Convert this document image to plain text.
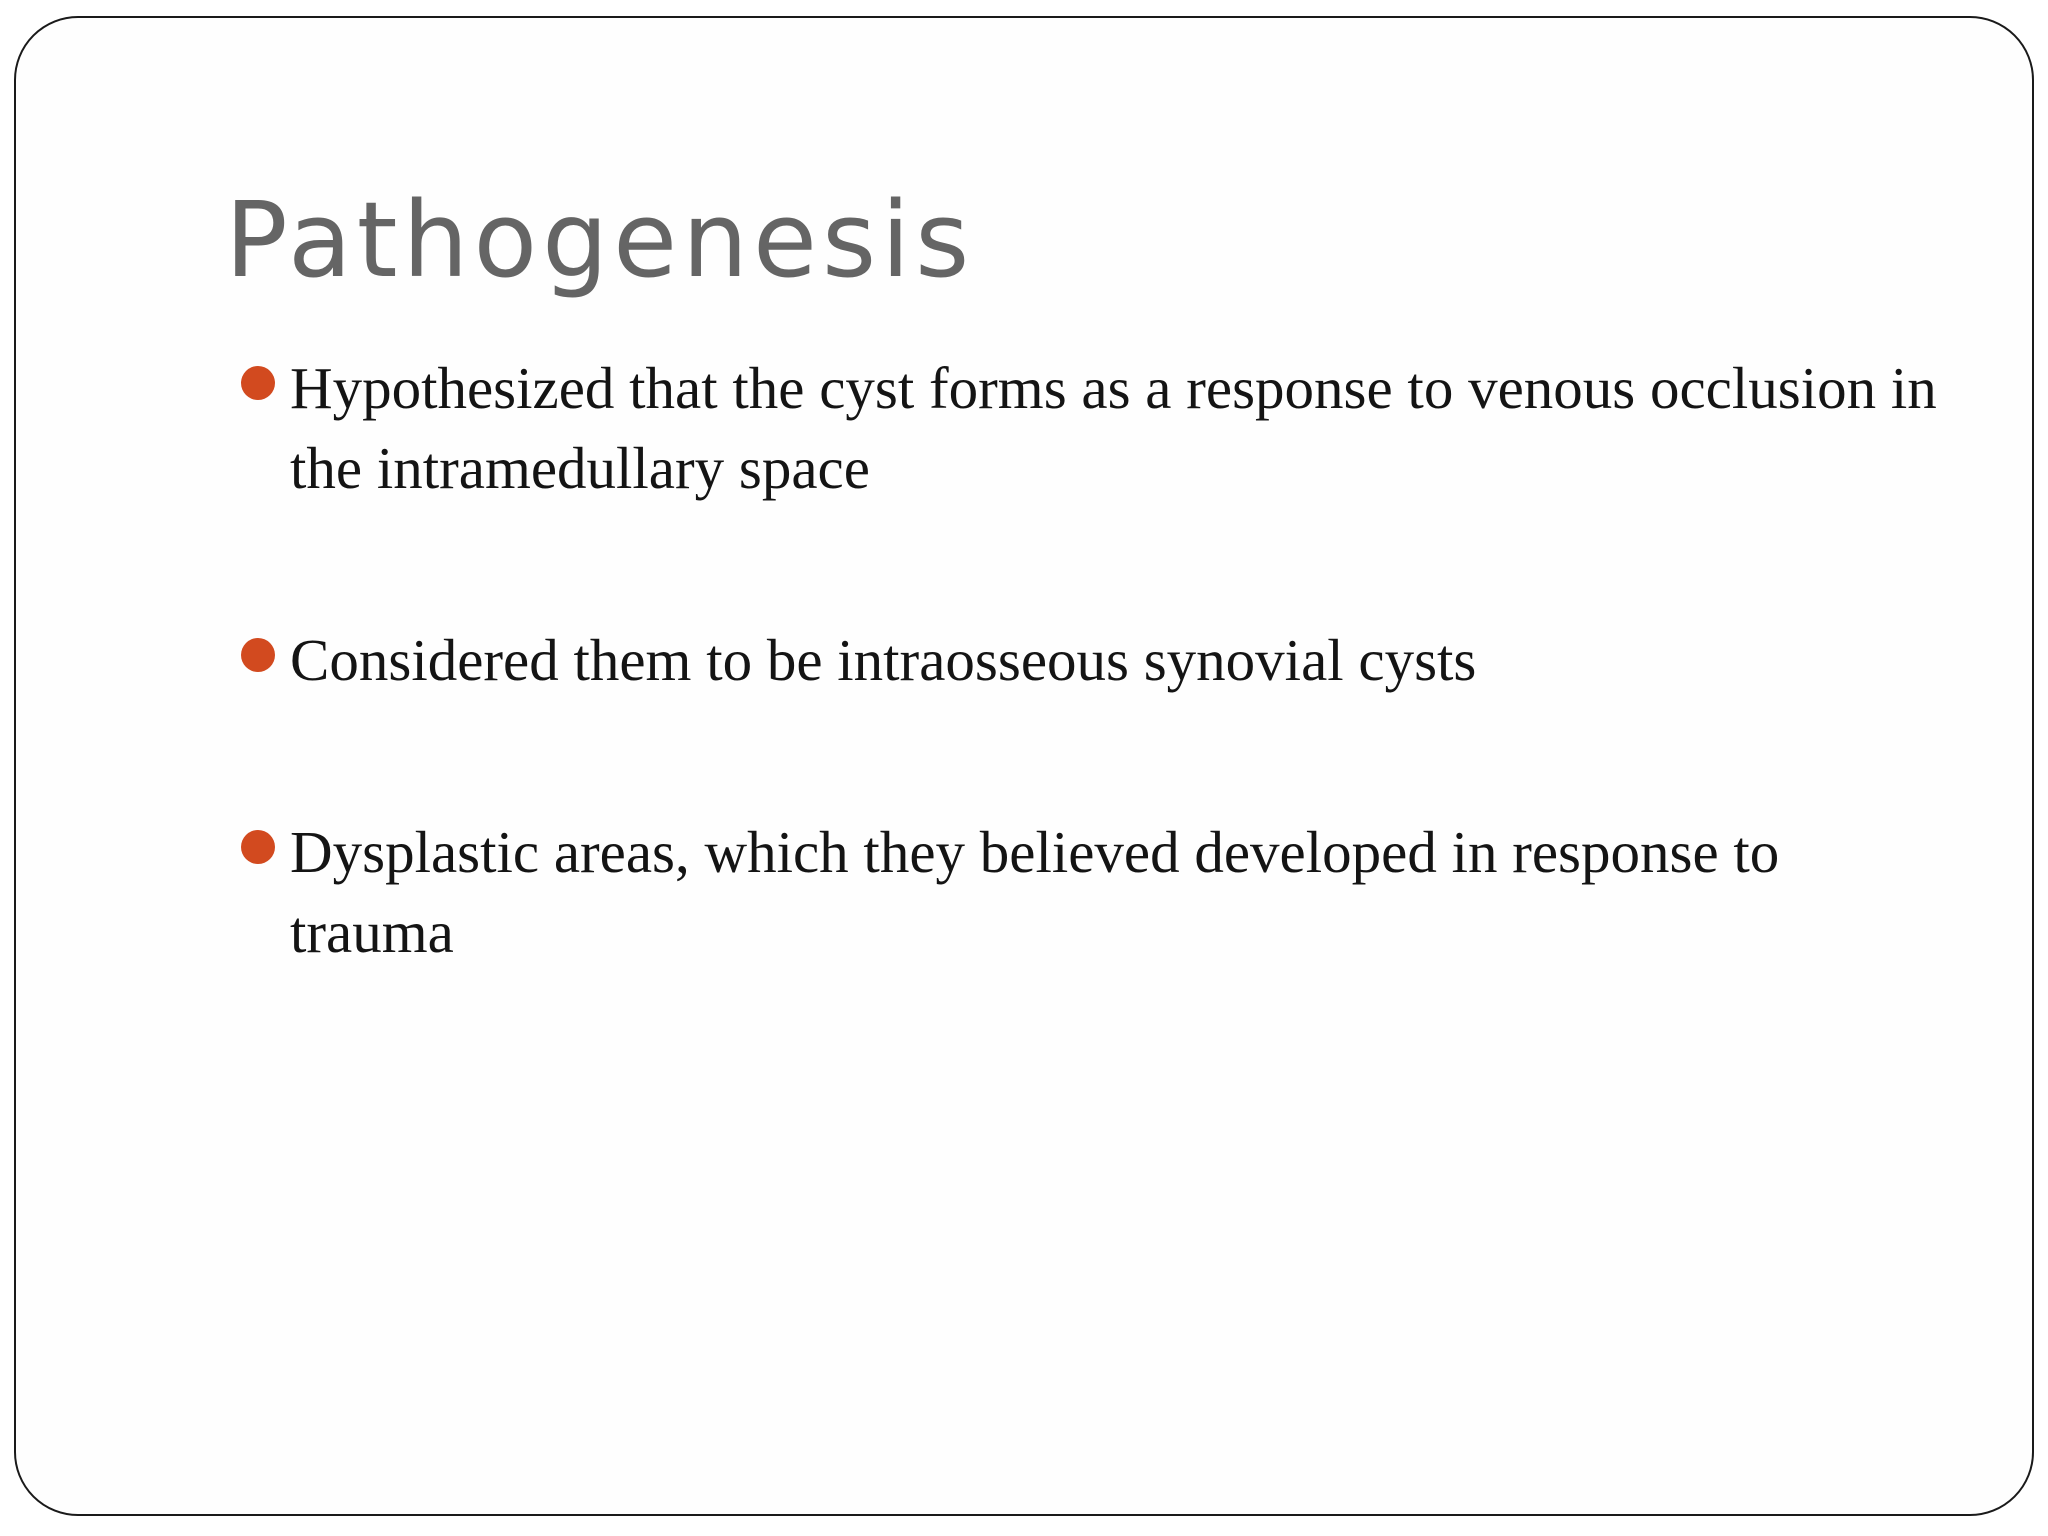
Pathogenesis
Hypothesized that the cyst forms as a response to venous occlusion in the intramedullary space
Considered them to be intraosseous synovial cysts
Dysplastic areas, which they believed developed in response to trauma
